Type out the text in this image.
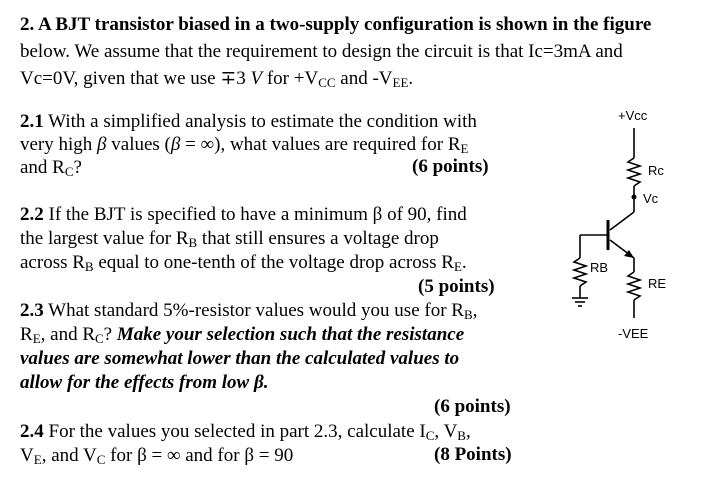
2. A BJT transistor biased in a two-supply configuration is shown in the figure
below. We assume that the requirement to design the circuit is that Ic=3mA and
Vc=0V, given that we use ∓3 V for $+V_{CC}$ and $-V_{EE}$.
2.1 With a simplified analysis to estimate the condition with
very high β values (β = ∞), what values are required for $R_E$
and $R_C$?	(6 points)
2.2 If the BJT is specified to have a minimum β of 90, find
the largest value for $R_B$ that still ensures a voltage drop
across $R_B$ equal to one-tenth of the voltage drop across $R_E$.
(5 points)
2.3 What standard 5%-resistor values would you use for $R_B$,
$R_E$, and $R_C$? Make your selection such that the resistance
values are somewhat lower than the calculated values to
allow for the effects from low β.
(6 points)
2.4 For the values you selected in part 2.3, calculate $I_C$, $V_B$,
$V_E$, and $V_C$ for β = ∞ and for β = 90	(8 Points)
+Vcc
Rc
Vc
RB
RE
-VEE
